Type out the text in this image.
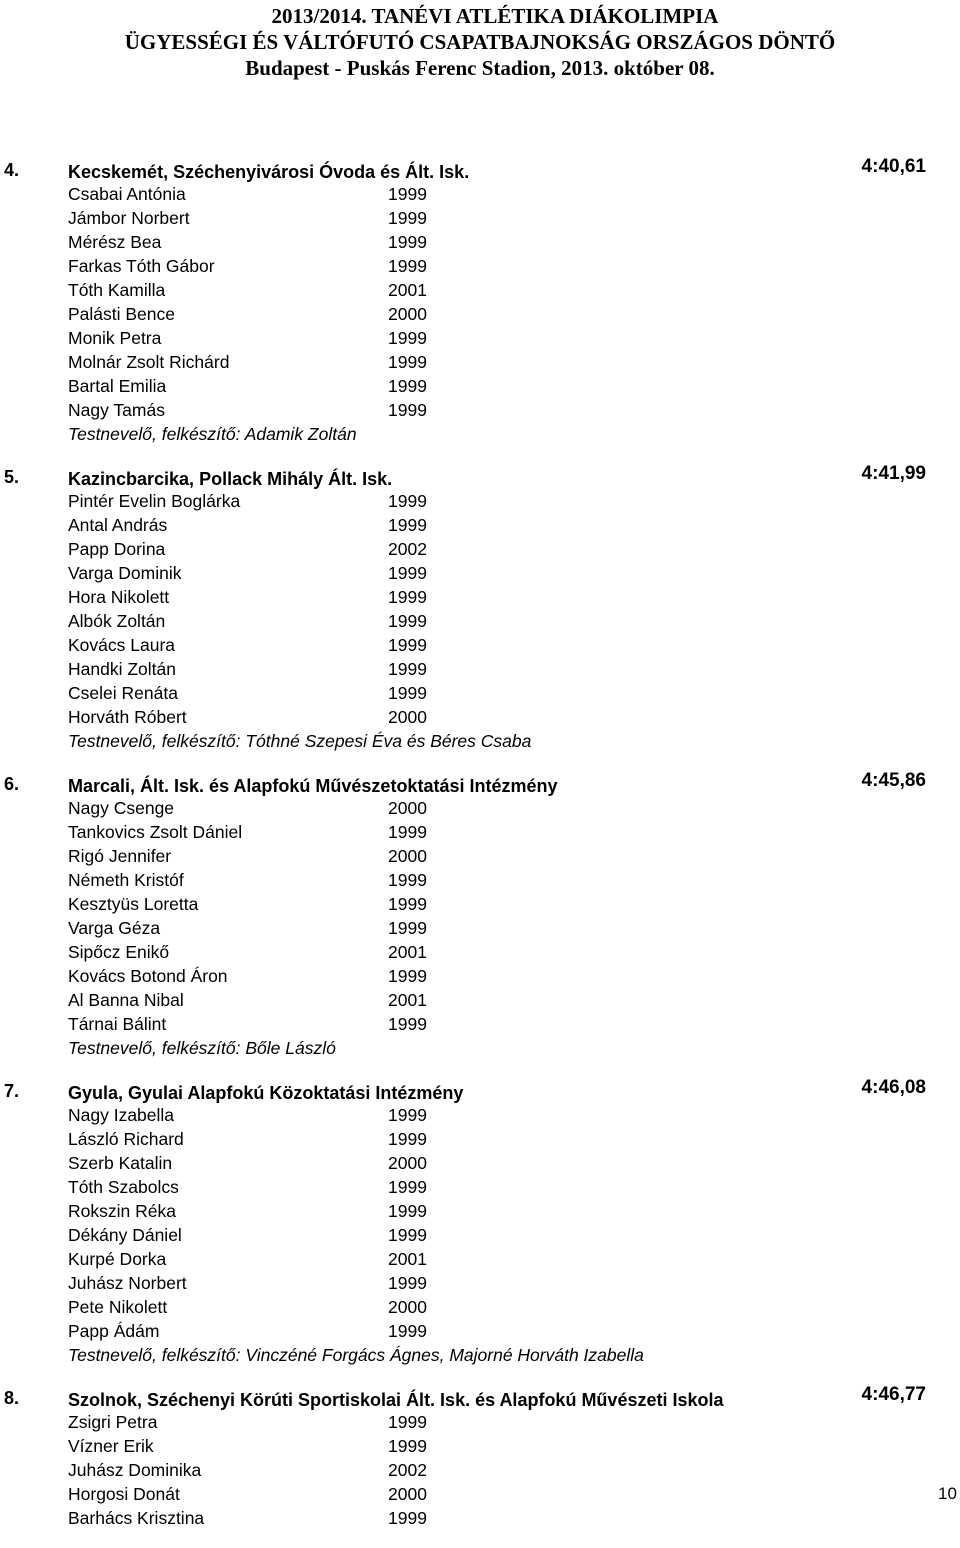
2013/2014. TANÉVI ATLÉTIKA DIÁKOLIMPIA
ÜGYESSÉGI ÉS VÁLTÓFUTÓ CSAPATBAJNOKSÁG ORSZÁGOS DÖNTŐ
Budapest - Puskás Ferenc Stadion, 2013. október 08.
4.	Kecskemét, Széchenyivárosi Óvoda és Ált. Isk.	4:40,61
Csabai Antónia	1999
Jámbor Norbert	1999
Mérész Bea	1999
Farkas Tóth Gábor	1999
Tóth Kamilla	2001
Palásti Bence	2000
Monik Petra	1999
Molnár Zsolt Richárd	1999
Bartal Emilia	1999
Nagy Tamás	1999
Testnevelő, felkészítő: Adamik Zoltán
5.	Kazincbarcika, Pollack Mihály Ált. Isk.	4:41,99
Pintér Evelin Boglárka	1999
Antal András	1999
Papp Dorina	2002
Varga Dominik	1999
Hora Nikolett	1999
Albók Zoltán	1999
Kovács Laura	1999
Handki Zoltán	1999
Cselei Renáta	1999
Horváth Róbert	2000
Testnevelő, felkészítő: Tóthné Szepesi Éva és Béres Csaba
6.	Marcali, Ált. Isk. és Alapfokú Művészetoktatási Intézmény	4:45,86
Nagy Csenge	2000
Tankovics Zsolt Dániel	1999
Rigó Jennifer	2000
Németh Kristóf	1999
Kesztyüs Loretta	1999
Varga Géza	1999
Sipőcz Enikő	2001
Kovács Botond Áron	1999
Al Banna Nibal	2001
Tárnai Bálint	1999
Testnevelő, felkészítő: Bőle László
7.	Gyula, Gyulai Alapfokú Közoktatási Intézmény	4:46,08
Nagy Izabella	1999
László Richard	1999
Szerb Katalin	2000
Tóth Szabolcs	1999
Rokszin Réka	1999
Dékány Dániel	1999
Kurpé Dorka	2001
Juhász Norbert	1999
Pete Nikolett	2000
Papp Ádám	1999
Testnevelő, felkészítő: Vinczéné Forgács Ágnes, Majorné Horváth Izabella
8.	Szolnok, Széchenyi Körúti Sportiskolai Ált. Isk. és Alapfokú Művészeti Iskola	4:46,77
Zsigri Petra	1999
Vízner Erik	1999
Juhász Dominika	2002
Horgosi Donát	2000
Barhács Krisztina	1999
10
